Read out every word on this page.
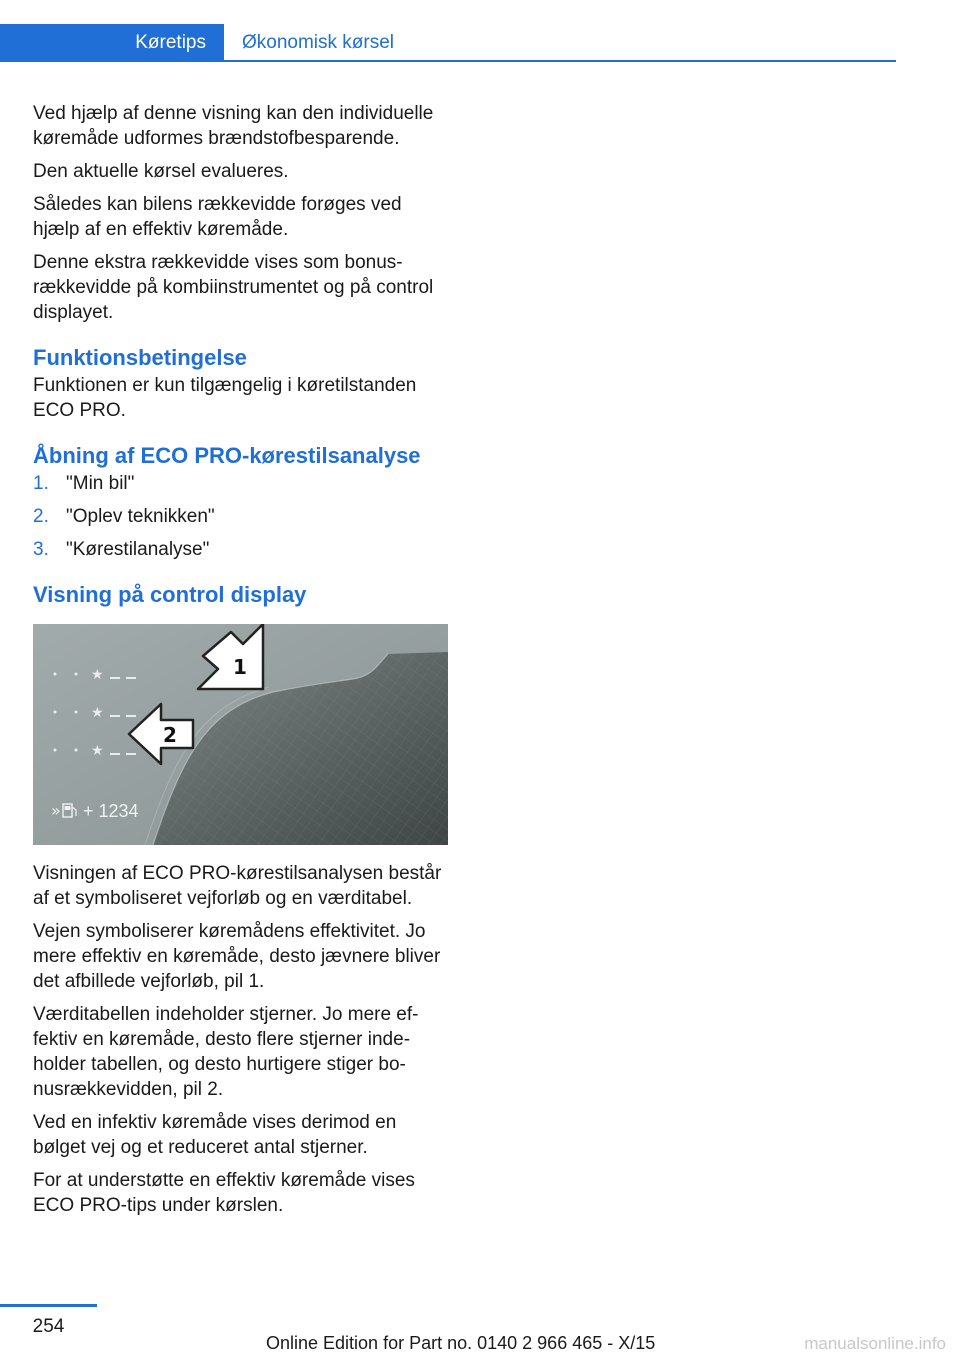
Køretips	Økonomisk kørsel

Ved hjælp af denne visning kan den individuelle køremåde udformes brændstofbesparende.

Den aktuelle kørsel evalueres.

Således kan bilens rækkevidde forøges ved hjælp af en effektiv køremåde.

Denne ekstra rækkevidde vises som bonusrækkevidde på kombiinstrumentet og på control displayet.

Funktionsbetingelse

Funktionen er kun tilgængelig i køretilstanden ECO PRO.

Åbning af ECO PRO-kørestilsanalyse
1. "Min bil"
2. "Oplev teknikken"
3. "Kørestilanalyse"
Visning på control display
★
★
★
1
2
» + 1234

Visningen af ECO PRO-kørestilsanalysen består af et symboliseret vejforløb og en værditabel.

Vejen symboliserer køremådens effektivitet. Jo mere effektiv en køremåde, desto jævnere bliver det afbillede vejforløb, pil 1.

Værditabellen indeholder stjerner. Jo mere effektiv en køremåde, desto flere stjerner indeholder tabellen, og desto hurtigere stiger bonusrækkevidden, pil 2.

Ved en infektiv køremåde vises derimod en bølget vej og et reduceret antal stjerner.

For at understøtte en effektiv køremåde vises ECO PRO-tips under kørslen.

254
Online Edition for Part no. 0140 2 966 465 - X/15	manualsonline.info
